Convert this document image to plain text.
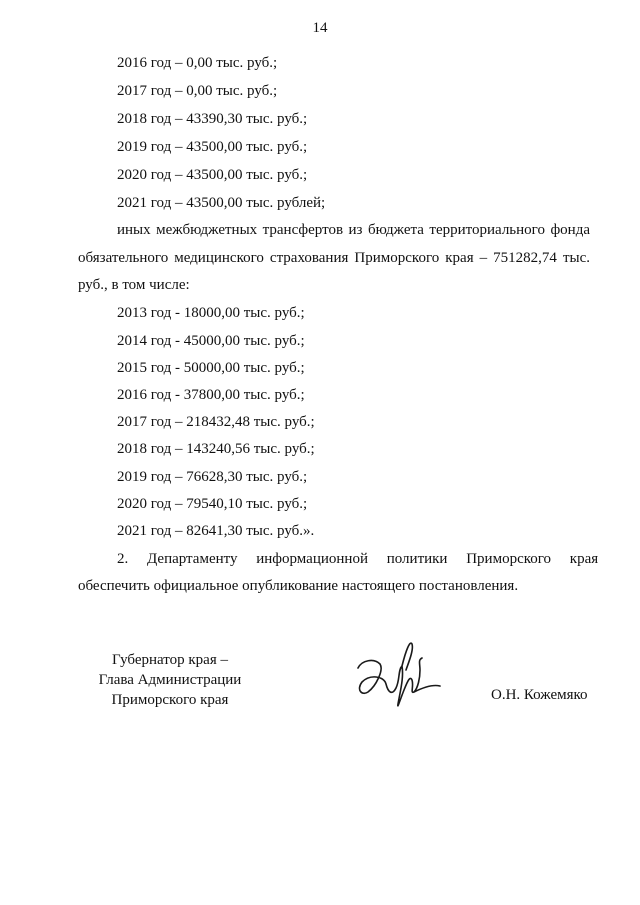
14
2016 год – 0,00 тыс. руб.;
2017 год – 0,00 тыс. руб.;
2018 год – 43390,30 тыс. руб.;
2019 год – 43500,00 тыс. руб.;
2020 год – 43500,00 тыс. руб.;
2021 год – 43500,00 тыс. рублей;
иных межбюджетных трансфертов из бюджета территориального фонда
обязательного медицинского страхования Приморского края – 751282,74 тыс.
руб., в том числе:
2013 год - 18000,00 тыс. руб.;
2014 год - 45000,00 тыс. руб.;
2015 год - 50000,00 тыс. руб.;
2016 год - 37800,00 тыс. руб.;
2017 год – 218432,48 тыс. руб.;
2018 год – 143240,56 тыс. руб.;
2019 год – 76628,30 тыс. руб.;
2020 год – 79540,10 тыс. руб.;
2021 год – 82641,30 тыс. руб.».
2.     Департаменту     информационной     политики     Приморского     края
обеспечить официальное опубликование настоящего постановления.
Губернатор края –
Глава Администрации
Приморского края	О.Н. Кожемяко
